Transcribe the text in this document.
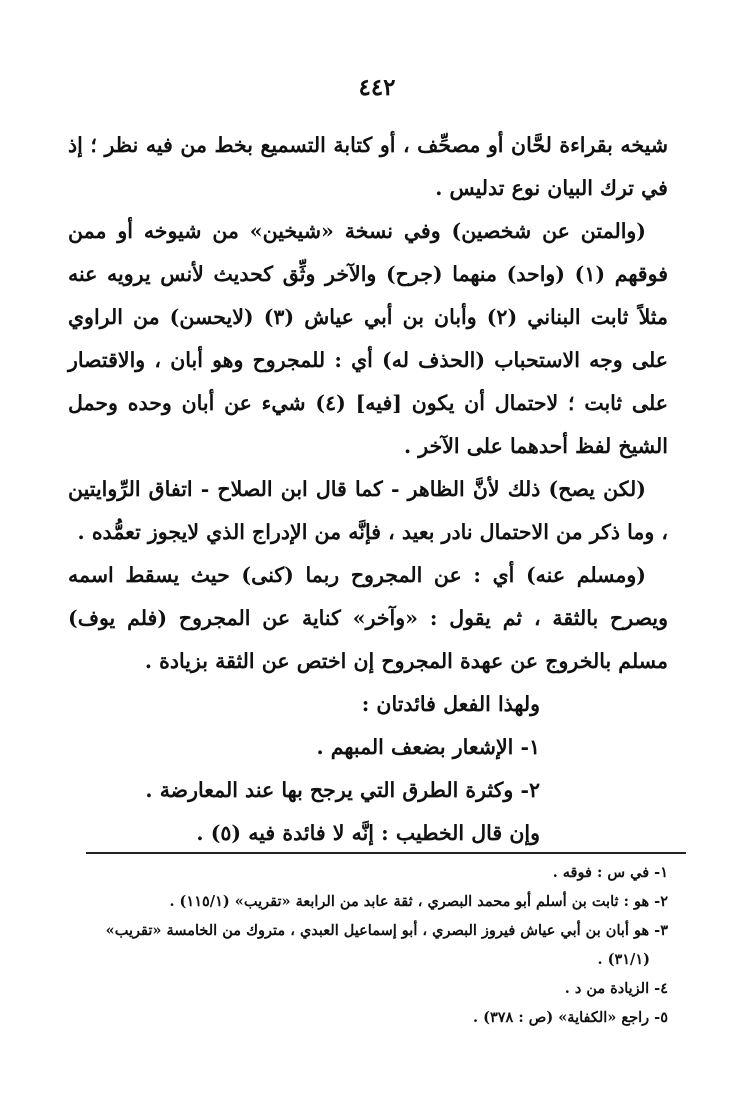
٤٤٢

شيخه بقراءة لحَّان أو مصحِّف ، أو كتابة التسميع بخط من فيه نظر ؛ إذ في ترك البيان نوع تدليس .

(والمتن عن شخصين) وفي نسخة «شيخين» من شيوخه أو ممن فوقهم (١) (واحد) منهما (جرح) والآخر وثِّق كحديث لأنس يرويه عنه مثلاً ثابت البناني (٢) وأبان بن أبي عياش (٣) (لايحسن) من الراوي على وجه الاستحباب (الحذف له) أي : للمجروح وهو أبان ، والاقتصار على ثابت ؛ لاحتمال أن يكون [فيه] (٤) شيء عن أبان وحده وحمل الشيخ لفظ أحدهما على الآخر .

(لكن يصح) ذلك لأنَّ الظاهر - كما قال ابن الصلاح - اتفاق الرِّوايتين ، وما ذكر من الاحتمال نادر بعيد ، فإنَّه من الإدراج الذي لايجوز تعمُّده .

(ومسلم عنه) أي : عن المجروح ربما (كنى) حيث يسقط اسمه ويصرح بالثقة ، ثم يقول : «وآخر» كناية عن المجروح (فلم يوف) مسلم بالخروج عن عهدة المجروح إن اختص عن الثقة بزيادة .

ولهذا الفعل فائدتان :
١- الإشعار بضعف المبهم .
٢- وكثرة الطرق التي يرجح بها عند المعارضة .
وإن قال الخطيب : إنَّه لا فائدة فيه (٥) .

١- في س : فوقه .

٢- هو : ثابت بن أسلم أبو محمد البصري ، ثقة عابد من الرابعة «تقريب» (١١٥/١) .

٣- هو أبان بن أبي عياش فيروز البصري ، أبو إسماعيل العبدي ، متروك من الخامسة «تقريب»

(٣١/١) .

٤- الزيادة من د .

٥- راجع «الكفاية» (ص : ٣٧٨) .
